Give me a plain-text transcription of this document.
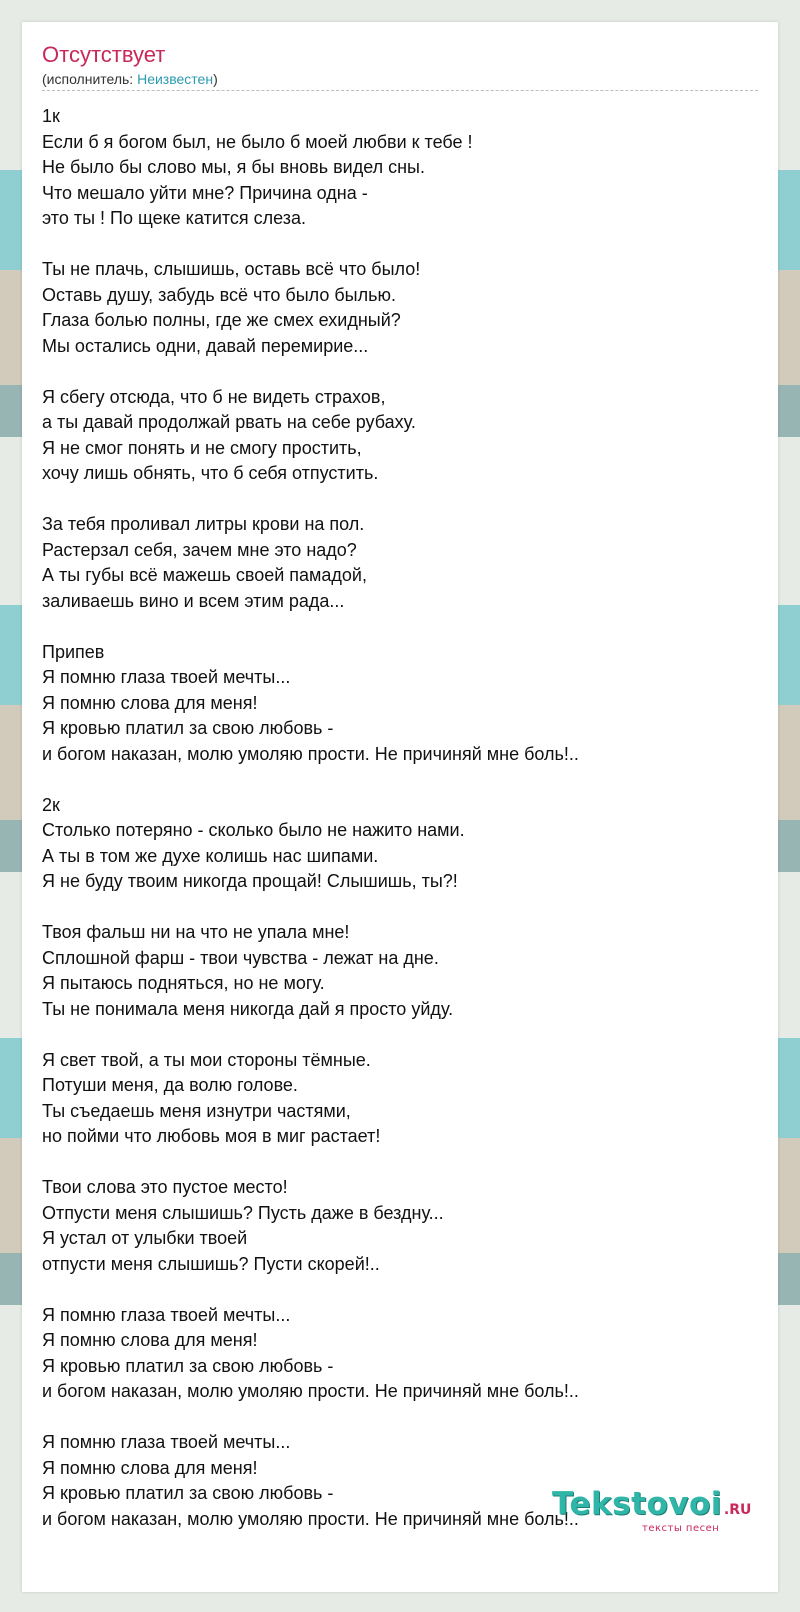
Отсутствует
(исполнитель: Неизвестен)
1к
Если б я богом был, не было б моей любви к тебе !
Не было бы слово мы, я бы вновь видел сны.
Что мешало уйти мне? Причина одна -
это ты ! По щеке катится слеза.
Ты не плачь, слышишь, оставь всё что было!
Оставь душу, забудь всё что было былью.
Глаза болью полны, где же смех ехидный?
Мы остались одни, давай перемирие...
Я сбегу отсюда, что б не видеть страхов,
а ты давай продолжай рвать на себе рубаху.
Я не смог понять и не смогу простить,
хочу лишь обнять, что б себя отпустить.
За тебя проливал литры крови на пол.
Растерзал себя, зачем мне это надо?
А ты губы всё мажешь своей памадой,
заливаешь вино и всем этим рада...
Припев
Я помню глаза твоей мечты...
Я помню слова для меня!
Я кровью платил за свою любовь -
и богом наказан, молю умоляю прости. Не причиняй мне боль!..
2к
Столько потеряно - сколько было не нажито нами.
А ты в том же духе колишь нас шипами.
Я не буду твоим никогда прощай! Слышишь, ты?!
Твоя фальш ни на что не упала мне!
Сплошной фарш - твои чувства - лежат на дне.
Я пытаюсь подняться, но не могу.
Ты не понимала меня никогда дай я просто уйду.
Я свет твой, а ты мои стороны тёмные.
Потуши меня, да волю голове.
Ты съедаешь меня изнутри частями,
но пойми что любовь моя в миг растает!
Твои слова это пустое место!
Отпусти меня слышишь? Пусть даже в бездну...
Я устал от улыбки твоей
отпусти меня слышишь? Пусти скорей!..
Я помню глаза твоей мечты...
Я помню слова для меня!
Я кровью платил за свою любовь -
и богом наказан, молю умоляю прости. Не причиняй мне боль!..
Я помню глаза твоей мечты...
Я помню слова для меня!
Я кровью платил за свою любовь -
и богом наказан, молю умоляю прости. Не причиняй мне боль!..
Tekstovoi .RU
тексты песен
